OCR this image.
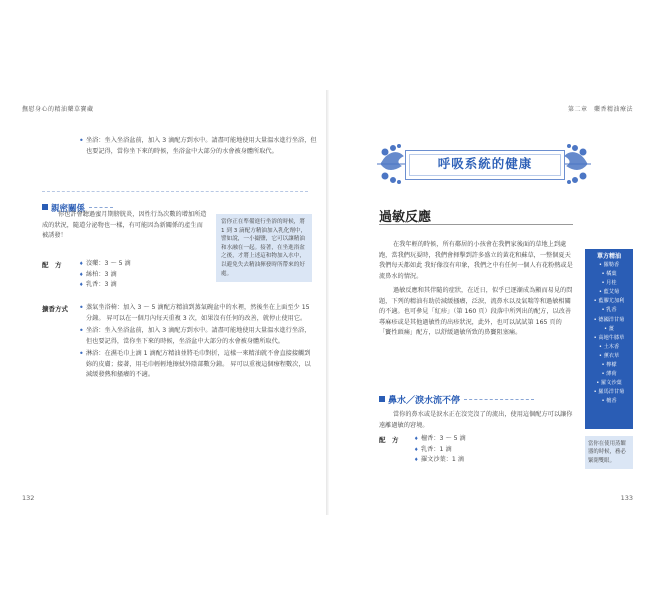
撫慰身心的精油藥草寶藏
• 坐浴：坐入坐浴盆前，加入 3 滴配方到水中。請盡可能地使用大量溫水進行坐浴，但也要記得，當你坐下來的時候，坐浴盆中大部分的水會被身體所取代。
親密關係
你也許會聽過蜜月期膀胱炎，因性行為次數的增加所造成的狀況，隨道分泌物也一樣，有可能因為新關係的產生而被誘發！
當你正在準備進行坐浴的時候，將 1 到 3 滴配方精油加入乳化劑中，譬如說，一小撮鹽，它可以讓精油和水融在一起。接著，在坐進浴盆之後，才將上述這和物加入水中，以避免失去精油揮發時所帶來的好處。
配　方	♦ 沒藥：3 ～ 5 滴
♦ 絲柏：3 滴
♦ 乳香：3 滴
擴香方式	• 蒸氣坐浴椅：加入 3 ～ 5 滴配方精油到蒸氣碗盆中的水裡，然後坐在上面至少 15 分鐘。 昇可以在一個月內每天重複 3 次，如果沒有任何的改善，就停止使用它。
• 坐浴：坐入坐浴盆前，加入 3 滴配方到水中。請盡可能地使用大量溫水進行坐浴，但也要記得，當你坐下來的時候，坐浴盆中大部分的水會被身體所取代。
• 淋浴：在濕毛巾上滴 1 滴配方精油並將毛巾對折，這樣一來精油就不會直接接觸到妳的皮膚；接著，用毛巾輕輕地擦拭外陰部數分鐘。 昇可以重複這個療程數次，以減緩發熱和搔癢的不適。
132
第二章　藥香精油療法
呼吸系統的健康
過敏反應

在我年輕的時候，所有鄰居的小孩會在我們家後面的草地上到處跑，當我們玩耍時，我們會揮擊到許多盛立的黃花和蘇草，一整個夏天 我們每天都如此 我好像沒有印象，我們之中有任何一個人有花粉熱或是流鼻水的情況。

過敏反應和其伴隨的症狀，在近日，似乎已逐漸成為顯而易見的問題，下列的精油有助於減緩搔癢，泛淚，流鼻水以及氣喘等和過敏相關的不適。也可參見「紅疹」（第 160 頁）段落中所列出的配方，以改善蕁麻疹或是其他過敏性的出疹狀況，此外，也可以試試第 165 頁的「竇性頭痛」配方，以舒緩過敏所致的鼻竇阻塞痛。

單方精油
• 羅勒香
• 橘葉
• 月桂
• 藍艾菊
• 藍膠尤加利
• 乳香
• 德國洋甘菊
• 薑
• 高地牛膝草
• 土木香
• 薰衣草
• 檸檬
• 薄荷
• 羅文沙葉
• 羅馬洋甘菊
• 檀香
當你在使用蒸餾器的時候，務必緊閉雙眼。
鼻水／淚水流不停

當你的鼻水或是淚水正在沒完沒了的流出，使用這個配方可以讓你遠離過敏的窘境。

配　方	♦ 檀香：3 ～ 5 滴
♦ 乳香：1 滴
♦ 羅文沙葉：1 滴
133
